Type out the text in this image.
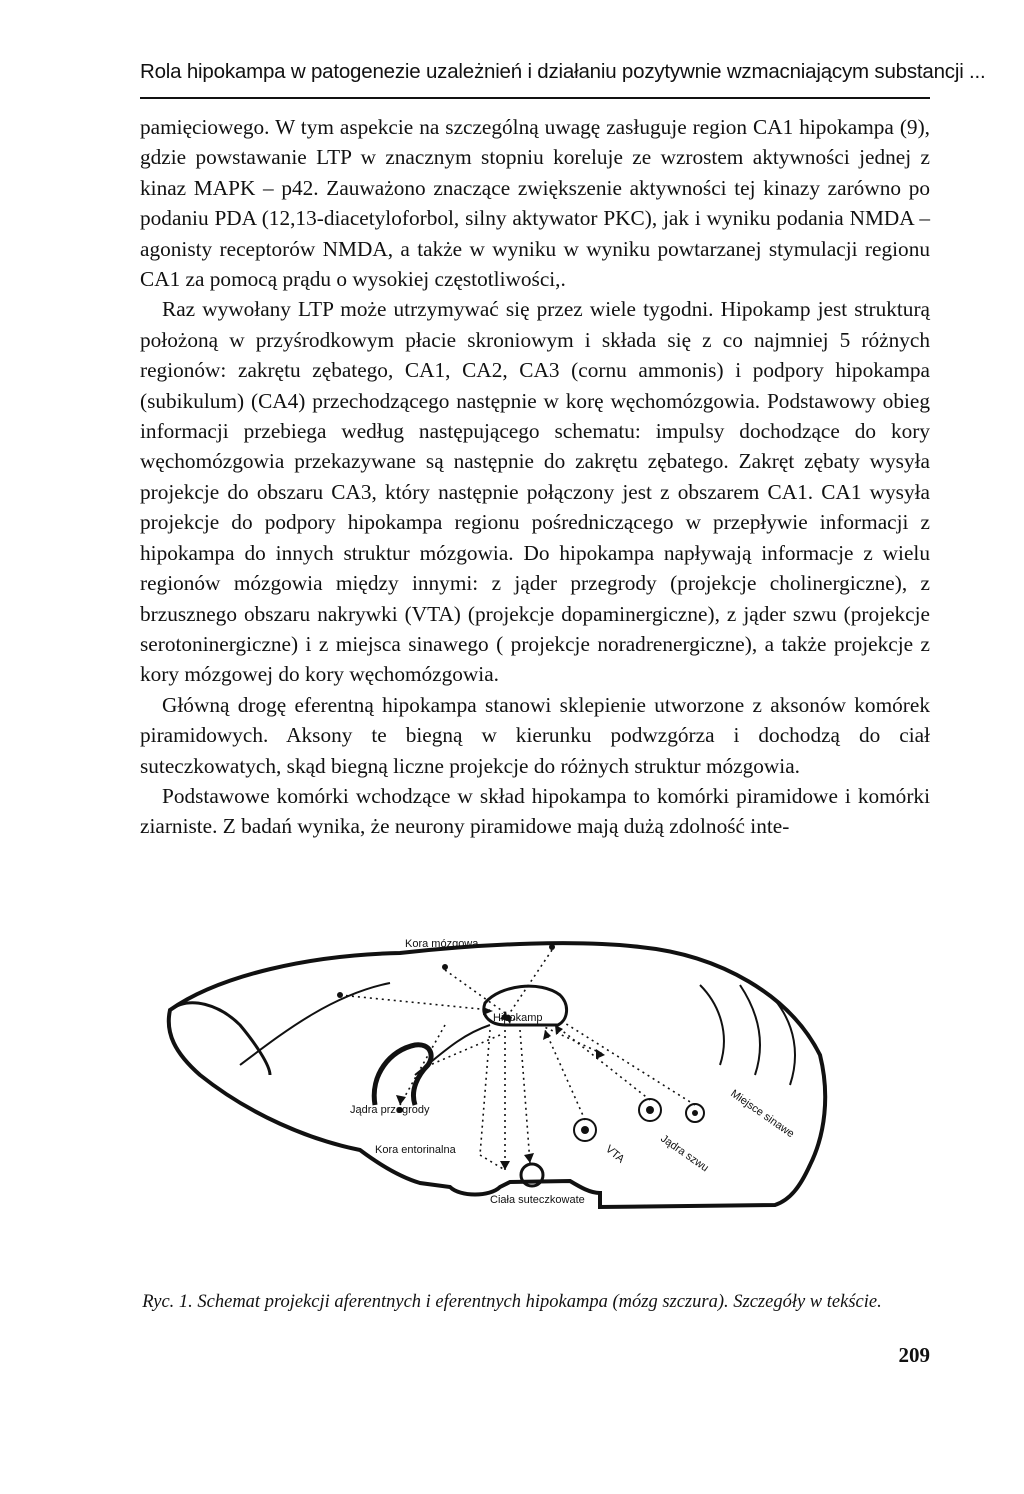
Rola hipokampa w patogenezie uzależnień i działaniu pozytywnie wzmacniającym substancji ...

pamięciowego. W tym aspekcie na szczególną uwagę zasługuje region CA1 hipokampa (9), gdzie powstawanie LTP w znacznym stopniu koreluje ze wzrostem aktywności jednej z kinaz MAPK – p42. Zauważono znaczące zwiększenie aktywności tej kinazy zarówno po podaniu PDA (12,13-diacetyloforbol, silny aktywator PKC), jak i wyniku podania NMDA – agonisty receptorów NMDA, a także w wyniku w wyniku powtarzanej stymulacji regionu CA1 za pomocą prądu o wysokiej częstotliwości,.

Raz wywołany LTP może utrzymywać się przez wiele tygodni. Hipokamp jest strukturą położoną w przyśrodkowym płacie skroniowym i składa się z co najmniej 5 różnych regionów: zakrętu zębatego, CA1, CA2, CA3 (cornu ammonis) i podpory hipokampa (subikulum) (CA4) przechodzącego następnie w korę węchomózgowia. Podstawowy obieg informacji przebiega według następującego schematu: impulsy dochodzące do kory węchomózgowia przekazywane są następnie do zakrętu zębatego. Zakręt zębaty wysyła projekcje do obszaru CA3, który następnie połączony jest z obszarem CA1. CA1 wysyła projekcje do podpory hipokampa regionu pośredniczącego w przepływie informacji z hipokampa do innych struktur mózgowia. Do hipokampa napływają informacje z wielu regionów mózgowia między innymi: z jąder przegrody (projekcje cholinergiczne), z brzusznego obszaru nakrywki (VTA) (projekcje dopaminergiczne), z jąder szwu (projekcje serotoninergiczne) i z miejsca sinawego ( projekcje noradrenergiczne), a także projekcje z kory mózgowej do kory węchomózgowia.

Główną drogę eferentną hipokampa stanowi sklepienie utworzone z aksonów komórek piramidowych. Aksony te biegną w kierunku podwzgórza i dochodzą do ciał suteczkowatych, skąd biegną liczne projekcje do różnych struktur mózgowia.

Podstawowe komórki wchodzące w skład hipokampa to komórki piramidowe i komórki ziarniste. Z badań wynika, że neurony piramidowe mają dużą zdolność inte-

Kora mózgowa
Hipokamp
Jądra przegrody
Kora entorinalna
Ciała suteczkowate
VTA	Jądra szwu
Miejsce sinawe
Ryc. 1. Schemat projekcji aferentnych i eferentnych hipokampa (mózg szczura). Szczegóły w tekście.
209
